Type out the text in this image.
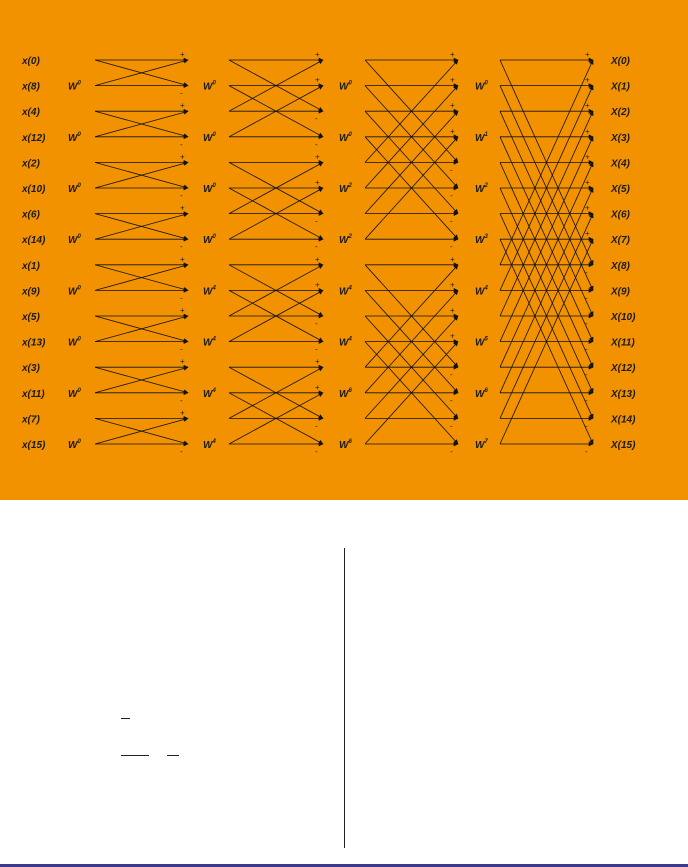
+
-
+
-
+
-
+
-
+
-
+
-
+
-
+
-
+
+
-
-
+
+
-
-
+
+
-
-
+
+
-
-
+
+
+
+
-
-
-
-
+
+
+
+
-
-
-
-
+
+
+
+
+
+
+
+
-
-
-
-
-
-
-
-
$W^0$
$W^0$
$W^0$
$W^0$
$W^0$
$W^0$
$W^0$
$W^0$
$W^0$
$W^0$
$W^0$
$W^0$
$W^4$
$W^4$
$W^4$
$W^4$
$W^0$
$W^0$
$W^2$
$W^2$
$W^4$
$W^4$
$W^6$
$W^6$
$W^0$
$W^1$
$W^2$
$W^3$
$W^4$
$W^5$
$W^6$
$W^7$
x(0)
x(8)
x(4)
x(12)
x(2)
x(10)
x(6)
x(14)
x(1)
x(9)
x(5)
x(13)
x(3)
x(11)
x(7)
x(15)
X(0)
X(1)
X(2)
X(3)
X(4)
X(5)
X(6)
X(7)
X(8)
X(9)
X(10)
X(11)
X(12)
X(13)
X(14)
X(15)
